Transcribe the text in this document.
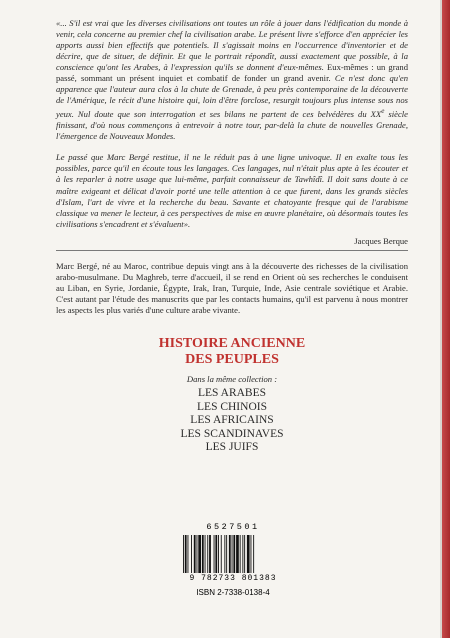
«... S'il est vrai que les diverses civilisations ont toutes un rôle à jouer dans l'édification du monde à venir, cela concerne au premier chef la civilisation arabe. Le présent livre s'efforce d'en apprécier les apports aussi bien effectifs que potentiels. Il s'agissait moins en l'occurrence d'inventorier et de décrire, que de situer, de définir. Et que le portrait répondît, aussi exactement que possible, à la conscience qu'ont les Arabes, à l'expression qu'ils se donnent d'eux-mêmes. Eux-mêmes : un grand passé, sommant un présent inquiet et combatif de fonder un grand avenir. Ce n'est donc qu'en apparence que l'auteur aura clos à la chute de Grenade, à peu près contemporaine de la découverte de l'Amérique, le récit d'une histoire qui, loin d'être forclose, resurgit toujours plus intense sous nos yeux. Nul doute que son interrogation et ses bilans ne partent de ces belvédères du XXe siècle finissant, d'où nous commençons à entrevoir à notre tour, par-delà la chute de nouvelles Grenade, l'émergence de Nouveaux Mondes.

Le passé que Marc Bergé restitue, il ne le réduit pas à une ligne univoque. Il en exalte tous les possibles, parce qu'il en écoute tous les langages. Ces langages, nul n'était plus apte à les écouter et à les reparler à notre usage que lui-même, parfait connaisseur de Tawhîdî. Il doit sans doute à ce maître exigeant et délicat d'avoir porté une telle attention à ce que furent, dans les grands siècles d'Islam, l'art de vivre et la recherche du beau. Savante et chatoyante fresque qui de l'arabisme classique va mener le lecteur, à ces perspectives de mise en œuvre planétaire, où désormais toutes les civilisations s'encadrent et s'évaluent».

Jacques Berque

Marc Bergé, né au Maroc, contribue depuis vingt ans à la découverte des richesses de la civilisation arabo-musulmane. Du Maghreb, terre d'accueil, il se rend en Orient où ses recherches le conduisent au Liban, en Syrie, Jordanie, Égypte, Irak, Iran, Turquie, Inde, Asie centrale soviétique et Arabie. C'est autant par l'étude des manuscrits que par les contacts humains, qu'il est parvenu à nous montrer les aspects les plus variés d'une culture arabe vivante.

HISTOIRE ANCIENNE
DES PEUPLES
Dans la même collection :
LES ARABES
LES CHINOIS
LES AFRICAINS
LES SCANDINAVES
LES JUIFS
6527501
9 782733 801383
ISBN 2-7338-0138-4
